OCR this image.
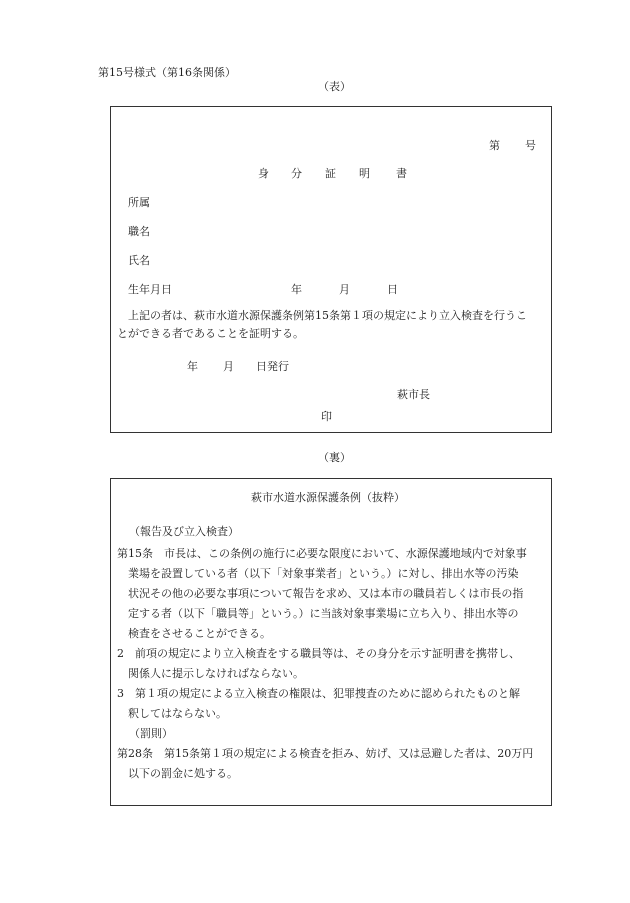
第15号様式（第16条関係）
（表）
第 号
身 分 証 明 書
所属
職名
氏名
生年月日	年	月	日
上記の者は、萩市水道水源保護条例第15条第１項の規定により立入検査を行うこ
とができる者であることを証明する。
年 月 日発行
萩市長
印
（裏）
萩市水道水源保護条例（抜粋）
（報告及び立入検査）
第15条　市長は、この条例の施行に必要な限度において、水源保護地域内で対象事
業場を設置している者（以下「対象事業者」という。）に対し、排出水等の汚染
状況その他の必要な事項について報告を求め、又は本市の職員若しくは市長の指
定する者（以下「職員等」という。）に当該対象事業場に立ち入り、排出水等の
検査をさせることができる。
2　前項の規定により立入検査をする職員等は、その身分を示す証明書を携帯し、
関係人に提示しなければならない。
3　第１項の規定による立入検査の権限は、犯罪捜査のために認められたものと解
釈してはならない。
（罰則）
第28条　第15条第１項の規定による検査を拒み、妨げ、又は忌避した者は、20万円
以下の罰金に処する。
